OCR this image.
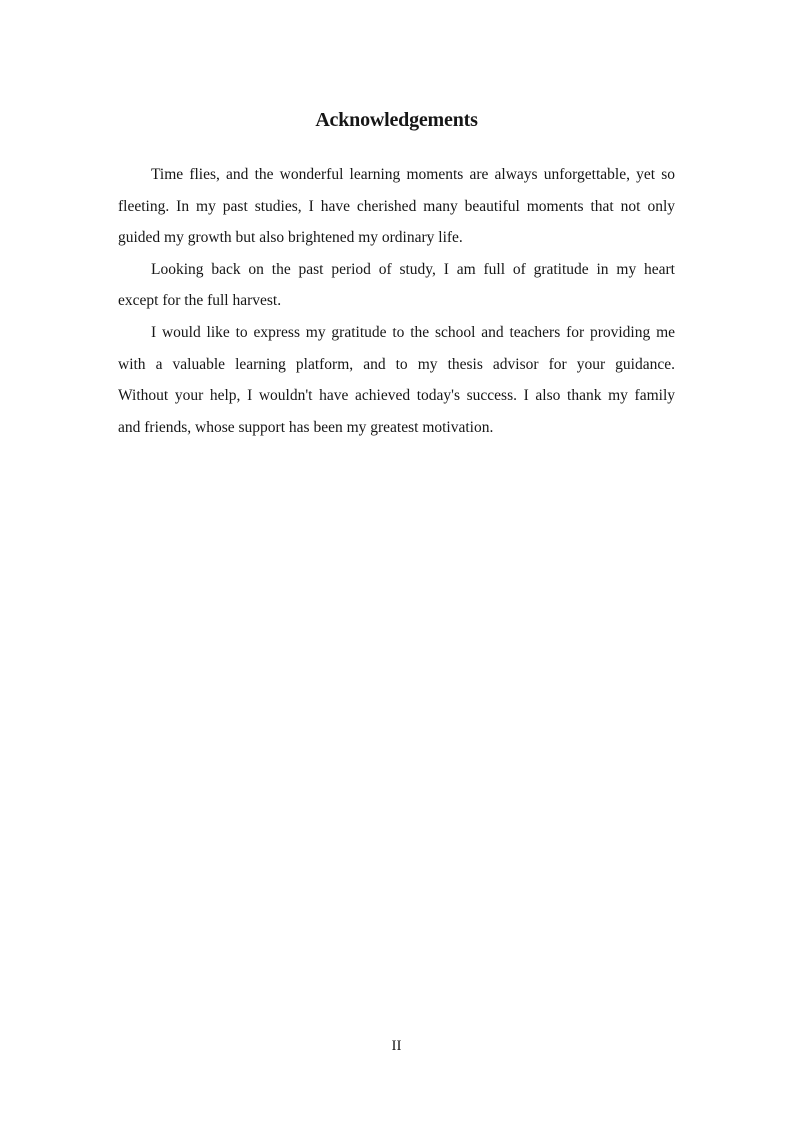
Acknowledgements
Time flies, and the wonderful learning moments are always unforgettable, yet so
fleeting. In my past studies, I have cherished many beautiful moments that not only
guided my growth but also brightened my ordinary life.
Looking back on the past period of study, I am full of gratitude in my heart
except for the full harvest.
I would like to express my gratitude to the school and teachers for providing me
with a valuable learning platform, and to my thesis advisor for your guidance.
Without your help, I wouldn't have achieved today's success. I also thank my family
and friends, whose support has been my greatest motivation.
II
